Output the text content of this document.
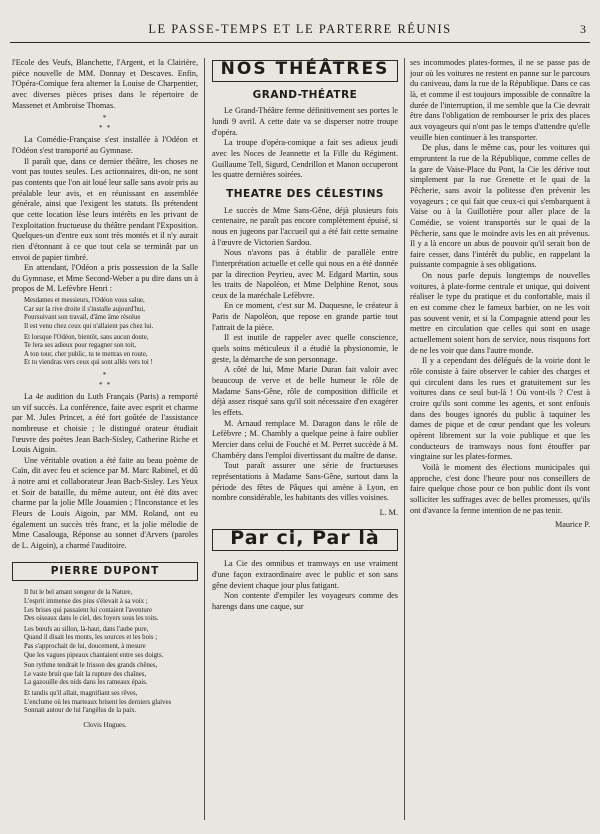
LE PASSE-TEMPS ET LE PARTERRE RÉUNIS	3

l'Ecole des Veufs, Blanchette, l'Argent, et la Clairière, pièce nouvelle de MM. Donnay et Descaves. Enfin, l'Opéra-Comique fera alterner la Louise de Charpentier, avec diverses pièces prises dans le répertoire de Massenet et Ambroise Thomas.

*
* *

La Comédie-Française s'est installée à l'Odéon et l'Odéon s'est transporté au Gymnase.

Il paraît que, dans ce dernier théâtre, les choses ne vont pas toutes seules. Les actionnaires, dit-on, ne sont pas contents que l'on ait loué leur salle sans avoir pris au préalable leur avis, et en réunissant en assemblée générale, ainsi que l'exigent les statuts. Ils prétendent que cette location lèse leurs intérêts en les privant de l'exploitation fructueuse du théâtre pendant l'Exposition. Quelques-un d'entre eux sont très montés et il n'y aurait rien d'étonnant à ce que tout cela se terminât par un envoi de papier timbré.

En attendant, l'Odéon a pris possession de la Salle du Gymnase, et Mme Second-Weber a pu dire dans un à propos de M. Lefèvbre Henri :

Mesdames et messieurs, l'Odéon vous salue,
Car sur la rive droite il s'installe aujourd'hui,
Poursuivant son travail, d'âme âme résolue
Il est venu chez ceux qui n'allaient pas chez lui.
Et lorsque l'Odéon, bientôt, sans aucun doute,
Te fera ses adieux pour regagner son toit,
A ton tour, cher public, tu te mettras en route,
Et tu viendras vers ceux qui sont allés vers toi !
*
* *

La 4e audition du Luth Français (Paris) a remporté un vif succès. La conférence, faite avec esprit et charme par M. Jules Princet, a été fort goûtée de l'assistance nombreuse et choisie ; le distingué orateur étudiait l'œuvre des poètes Jean Bach-Sisley, Catherine Riche et Louis Aigoin.

Une véritable ovation a été faite au beau poème de Caïn, dit avec feu et science par M. Marc Rabinel, et dû à notre ami et collaborateur Jean Bach-Sisley. Les Yeux et Soir de bataille, du même auteur, ont été dits avec charme par la jolie Mlle Jouamien ; l'Inconstance et les Fleurs de Louis Aigoin, par MM. Roland, ont eu également un succès très franc, et la jolie mélodie de Mme Casalouga, Réponse au sonnet d'Arvers (paroles de L. Aigoin), a charmé l'auditoire.

PIERRE DUPONT
Il fut le bel amant songeur de la Nature,
L'esprit immense des pins s'élevait à sa voix ;
Les brises qui passaient lui contaient l'aventure
Des oiseaux dans le ciel, des foyers sous les toits.
Les bœufs au sillon, là-haut, dans l'aube pure,
Quand il disait les monts, les sources et les bois ;
Pas s'approchait de lui, doucement, à mesure
Que les vagues pipeaux chantaient entre ses doigts.
Son rythme tendrait le frisson des grands chênes,
Le vaste bruit que fait la rupture des chaînes,
La gazouille des nids dans les rameaux épais.
Et tandis qu'il allait, magnifiant ses rêves,
L'enclume où les marteaux brisent les derniers glaives
Sonnait autour de lui l'angélus de la paix.
Clovis Hugues.
NOS THÉÂTRES
GRAND-THÉATRE

Le Grand-Théâtre ferme définitivement ses portes le lundi 9 avril. A cette date va se disperser notre troupe d'opéra.

La troupe d'opéra-comique a fait ses adieux jeudi avec les Noces de Jeannette et la Fille du Régiment. Guillaume Tell, Sigurd, Cendrillon et Manon occuperont les quatre dernières soirées.

THEATRE DES CÉLESTINS

Le succès de Mme Sans-Gêne, déjà plusieurs fois centenaire, ne paraît pas encore complètement épuisé, si nous en jugeons par l'accueil qui a été fait cette semaine à l'œuvre de Victorien Sardou.

Nous n'avons pas à établir de parallèle entre l'interprétation actuelle et celle qui nous en a été donnée par la direction Peyrieu, avec M. Edgard Martin, sous les traits de Napoléon, et Mme Delphine Renot, sous ceux de la maréchale Lefèbvre.

En ce moment, c'est sur M. Duquesne, le créateur à Paris de Napoléon, que repose en grande partie tout l'attrait de la pièce.

Il est inutile de rappeler avec quelle conscience, quels soins méticuleux il a étudié la physionomie, le geste, la démarche de son personnage.

A côté de lui, Mme Marie Duran fait valoir avec beaucoup de verve et de belle humeur le rôle de Madame Sans-Gêne, rôle de composition difficile et déjà assez risqué sans qu'il soit nécessaire d'en exagérer les effets.

M. Arnaud remplace M. Daragon dans le rôle de Lefèbvre ; M. Chambly a quelque peine à faire oublier Mercier dans celui de Fouché et M. Perret succède à M. Chambéry dans l'emploi divertissant du maître de danse.

Tout paraît assurer une série de fructueuses représentations à Madame Sans-Gêne, surtout dans la période des fêtes de Pâques qui amène à Lyon, en nombre considérable, les habitants des villes voisines.

L. M.
Par ci, Par là

La Cie des omnibus et tramways en use vraiment d'une façon extraordinaire avec le public et son sans gêne devient chaque jour plus fatigant.

Non contente d'empiler les voyageurs comme des harengs dans une caque, sur

ses incommodes plates-formes, il ne se passe pas de jour où les voitures ne restent en panne sur le parcours du caniveau, dans la rue de la République. Dans ce cas là, et comme il est toujours impossible de connaître la durée de l'interruption, il me semble que la Cie devrait être dans l'obligation de rembourser le prix des places aux voyageurs qui n'ont pas le temps d'attendre qu'elle veuille bien continuer à les transporter.

De plus, dans le même cas, pour les voitures qui empruntent la rue de la République, comme celles de la gare de Vaise-Place du Pont, la Cie les dérive tout simplement par la rue Grenette et le quai de la Pêcherie, sans avoir la politesse d'en prévenir les voyageurs ; ce qui fait que ceux-ci qui s'embarquent à Vaise ou à la Guillotière pour aller place de la Comédie, se voient transportés sur le quai de la Pêcherie, sans que le moindre avis les en ait prévenus. Il y a là encore un abus de pouvoir qu'il serait bon de faire cesser, dans l'intérêt du public, en rappelant la puissante compagnie à ses obligations.

On nous parle depuis longtemps de nouvelles voitures, à plate-forme centrale et unique, qui doivent réaliser le type du pratique et du confortable, mais il en est comme chez le fameux barbier, on ne les voit pas souvent venir, et si la Compagnie attend pour les mettre en circulation que celles qui sont en usage actuellement soient hors de service, nous risquons fort de ne les voir que dans l'autre monde.

Il y a cependant des délégués de la voirie dont le rôle consiste à faire observer le cahier des charges et qui circulent dans les rues et gratuitement sur les voitures dans ce seul but-là ! Où vont-ils ? C'est à croire qu'ils sont comme les agents, et sont enfouis dans des bouges ignorés du public à taquiner les dames de pique et de cœur pendant que les voleurs opèrent librement sur la voie publique et que les conducteurs de tramways nous font étouffer par vingtaine sur les plates-formes.

Voilà le moment des élections municipales qui approche, c'est donc l'heure pour nos conseillers de faire quelque chose pour ce bon public dont ils vont solliciter les suffrages avec de belles promesses, qu'ils ont d'avance la ferme intention de ne pas tenir.

Maurice P.
